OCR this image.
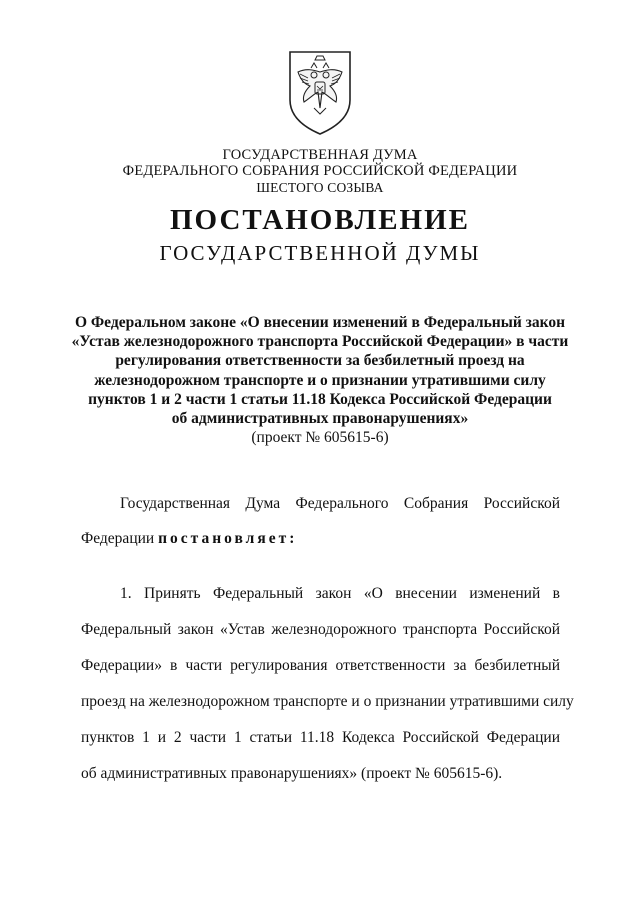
ГОСУДАРСТВЕННАЯ ДУМА
ФЕДЕРАЛЬНОГО СОБРАНИЯ РОССИЙСКОЙ ФЕДЕРАЦИИ
ШЕСТОГО СОЗЫВА
ПОСТАНОВЛЕНИЕ
ГОСУДАРСТВЕННОЙ ДУМЫ
О Федеральном законе «О внесении изменений в Федеральный закон
«Устав железнодорожного транспорта Российской Федерации» в части
регулирования ответственности за безбилетный проезд на
железнодорожном транспорте и о признании утратившими силу
пунктов 1 и 2 части 1 статьи 11.18 Кодекса Российской Федерации
об административных правонарушениях»
(проект № 605615-6)
Государственная Дума Федерального Собрания Российской
Федерации постановляет:
1. Принять Федеральный закон «О внесении изменений в
Федеральный закон «Устав железнодорожного транспорта Российской
Федерации» в части регулирования ответственности за безбилетный
проезд на железнодорожном транспорте и о признании утратившими силу
пунктов 1 и 2 части 1 статьи 11.18 Кодекса Российской Федерации
об административных правонарушениях» (проект № 605615-6).
